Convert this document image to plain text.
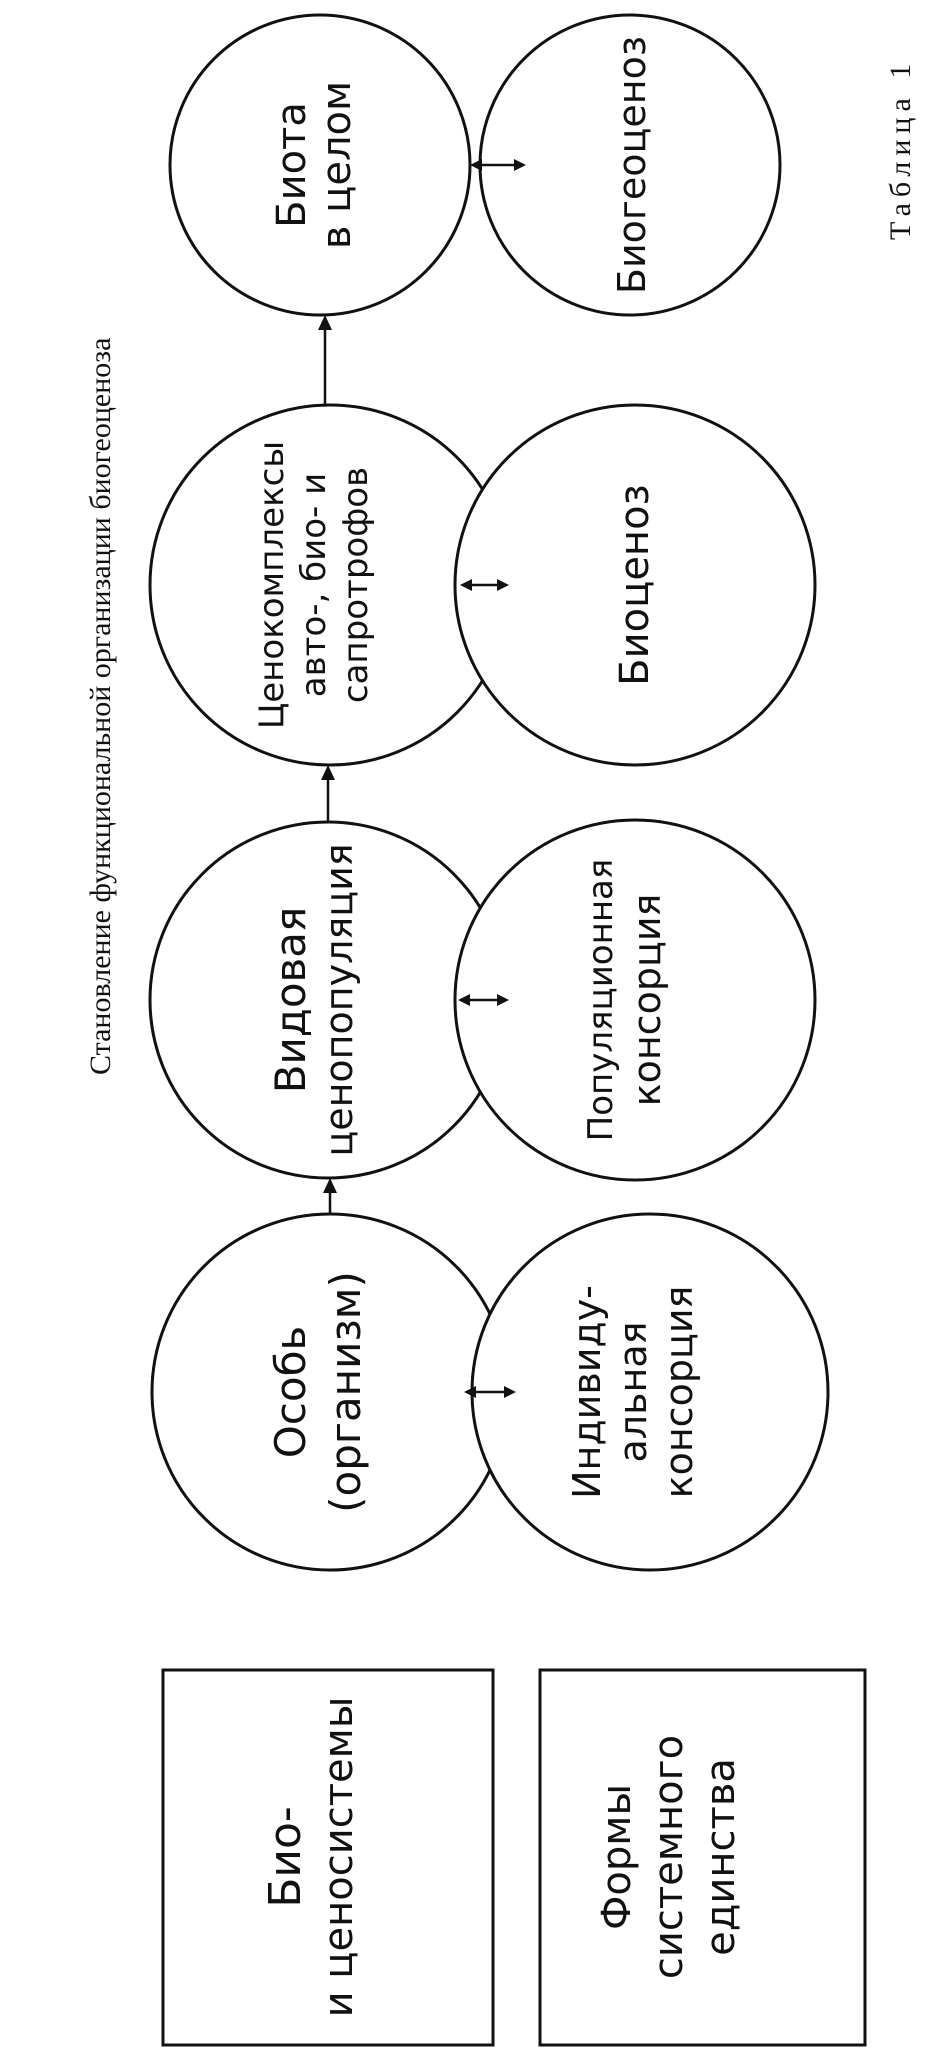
Таблица 1
Становление функциональной организации биогеоценоза
Био- и ценосистемы	Формы системного единства
Особь (организм)
Видовая ценопопуляция
Ценокомплексы авто-, био- и сапротрофов
Биота в целом
Индивиду- альная консорция
Популяционная консорция
Биоценоз
Биогеоценоз
